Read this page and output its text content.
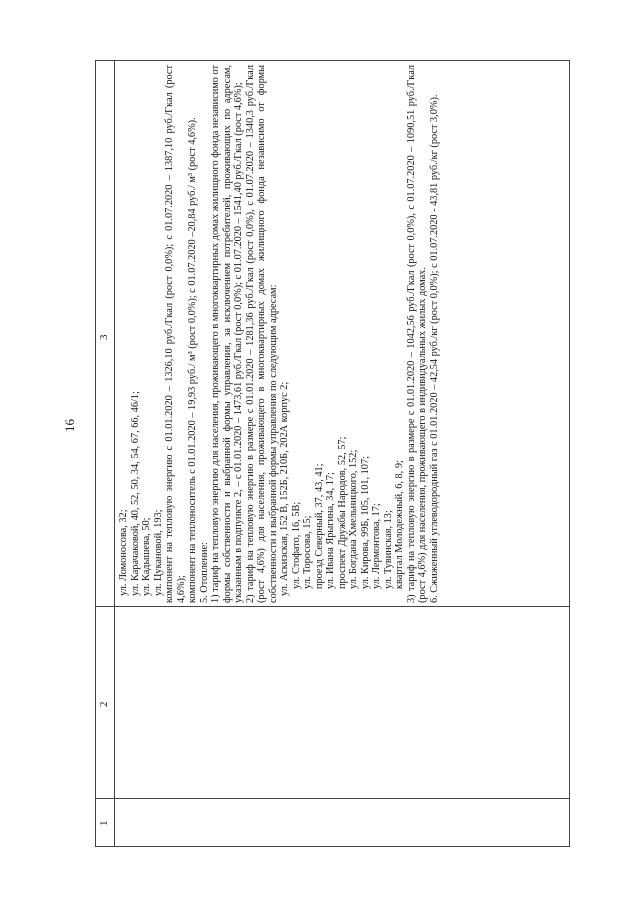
16
1
2
3

ул. Ломоносова, 32; ул. Карачаковой, 40, 52, 50, 34, 54, 67, 66, 46/1; ул. Кадышева, 50; ул. Цукановой, 193; компонент на тепловую энергию с 01.01.2020 – 1326,10 руб./Гкал (рост 0,0%); с 01.07.2020 – 1387,10 руб./Гкал (рост 4,6%); компонент на теплоноситель с 01.01.2020 – 19,93 руб./ м³ (рост 0,0%); с 01.07.2020 –20,84 руб./ м³ (рост 4,6%). 5. Отопление: 1) тариф на тепловую энергию для населения, проживающего в многоквартирных домах жилищного фонда независимо от формы собственности и выбранной формы управления, за исключением потребителей, проживающих по адресам, указанным в подпункте 2, – с 01.01.2020 – 1473,61 руб./Гкал (рост 0,0%); с 01.07.2020 – 1541,40 руб./Гкал (рост 4,6%); 2) тариф на тепловую энергию в размере с 01.01.2020 – 1281,36 руб./Гкал (рост 0,0%), с 01.07.2020 – 1340,3 руб./Гкал (рост 4,6%) для населения, проживающего в многоквартирных домах жилищного фонда независимо от формы собственности и выбранной формы управления по следующим адресам: ул. Аскизская, 152 В, 152Б, 210Б, 202А корпус 2; ул. Стофато, 16, 5В; ул. Торосова, 15; проезд Северный, 37, 43, 41; ул. Ивана Ярыгина, 34, 17; проспект Дружбы Народов, 52, 57; ул. Богдана Хмельницкого, 152; ул. Кирова, 99Б, 105, 101, 107; ул. Лермонтова, 17; ул. Тувинская, 13; квартал Молодежный, 6, 8, 9; 3) тариф на тепловую энергию в размере с 01.01.2020 – 1042,56 руб./Гкал (рост 0,0%), с 01.07.2020 – 1090,51 руб./Гкал (рост 4,6%) для населения, проживающего в индивидуальных жилых домах. 6. Сжиженный углеводородный газ с 01.01.2020 – 42,54 руб./кг (рост 0,0%); с 01.07.2020 - 43,81 руб./кг (рост 3,0%).
